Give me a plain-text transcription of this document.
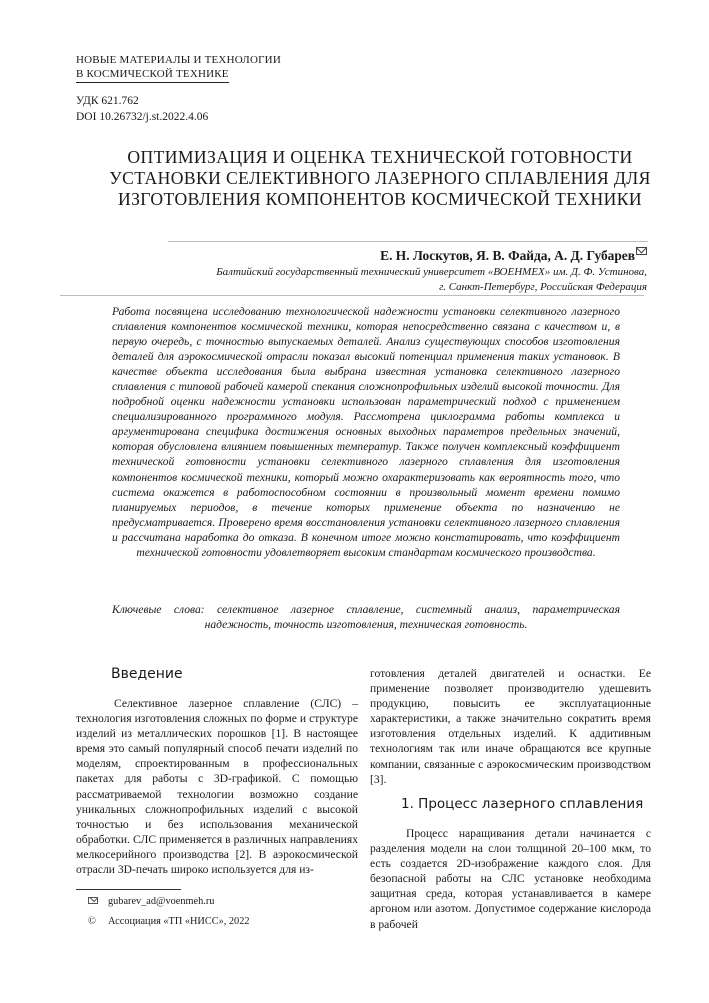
НОВЫЕ МАТЕРИАЛЫ И ТЕХНОЛОГИИ
В КОСМИЧЕСКОЙ ТЕХНИКЕ
УДК 621.762
DOI 10.26732/j.st.2022.4.06
ОПТИМИЗАЦИЯ И ОЦЕНКА ТЕХНИЧЕСКОЙ ГОТОВНОСТИ УСТАНОВКИ СЕЛЕКТИВНОГО ЛАЗЕРНОГО СПЛАВЛЕНИЯ ДЛЯ ИЗГОТОВЛЕНИЯ КОМПОНЕНТОВ КОСМИЧЕСКОЙ ТЕХНИКИ
Е. Н. Лоскутов, Я. В. Файда, А. Д. Губарев
Балтийский государственный технический университет «ВОЕНМЕХ» им. Д. Ф. Устинова,
г. Санкт-Петербург, Российская Федерация

Работа посвящена исследованию технологической надежности установки селективного лазерного сплавления компонентов космической техники, которая непосредственно связана с качеством и, в первую очередь, с точностью выпускаемых деталей. Анализ существующих способов изготовления деталей для аэрокосмической отрасли показал высокий потенциал применения таких установок. В качестве объекта исследования была выбрана известная установка селективного лазерного сплавления с типовой рабочей камерой спекания сложнопрофильных изделий высокой точности. Для подробной оценки надежности установки использован параметрический подход с применением специализированного программного модуля. Рассмотрена циклограмма работы комплекса и аргументирована специфика достижения основных выходных параметров предельных значений, которая обусловлена влиянием повышенных температур. Также получен комплексный коэффициент технической готовности установки селективного лазерного сплавления для изготовления компонентов космической техники, который можно охарактеризовать как вероятность того, что система окажется в работоспособном состоянии в произвольный момент времени помимо планируемых периодов, в течение которых применение объекта по назначению не предусматривается. Проверено время восстановления установки селективного лазерного сплавления и рассчитана наработка до отказа. В конечном итоге можно констатировать, что коэффициент технической готовности удовлетворяет высоким стандартам космического производства.

Ключевые слова: селективное лазерное сплавление, системный анализ, параметрическая надежность, точность изготовления, техническая готовность.

Введение

Селективное лазерное сплавление (СЛС) – технология изготовления сложных по форме и структуре изделий из металлических порошков [1]. В настоящее время это самый популярный способ печати изделий по моделям, спроектированным в профессиональных пакетах для работы с 3D-графикой. С помощью рассматриваемой технологии возможно создание уникальных сложнопрофильных изделий с высокой точностью и без использования механической обработки. СЛС применяется в различных направлениях мелкосерийного производства [2]. В аэрокосмической отрасли 3D-печать широко используется для из-

готовления деталей двигателей и оснастки. Ее применение позволяет производителю удешевить продукцию, повысить ее эксплуатационные характеристики, а также значительно сократить время изготовления отдельных изделий. К аддитивным технологиям так или иначе обращаются все крупные компании, связанные с аэрокосмическим производством [3].

1. Процесс лазерного сплавления

Процесс наращивания детали начинается с разделения модели на слои толщиной 20–100 мкм, то есть создается 2D-изображение каждого слоя. Для безопасной работы на СЛС установке необходима защитная среда, которая устанавливается в камере аргоном или азотом. Допустимое содержание кислорода в рабочей

gubarev_ad@voenmeh.ru
© Ассоциация «ТП «НИСС», 2022
